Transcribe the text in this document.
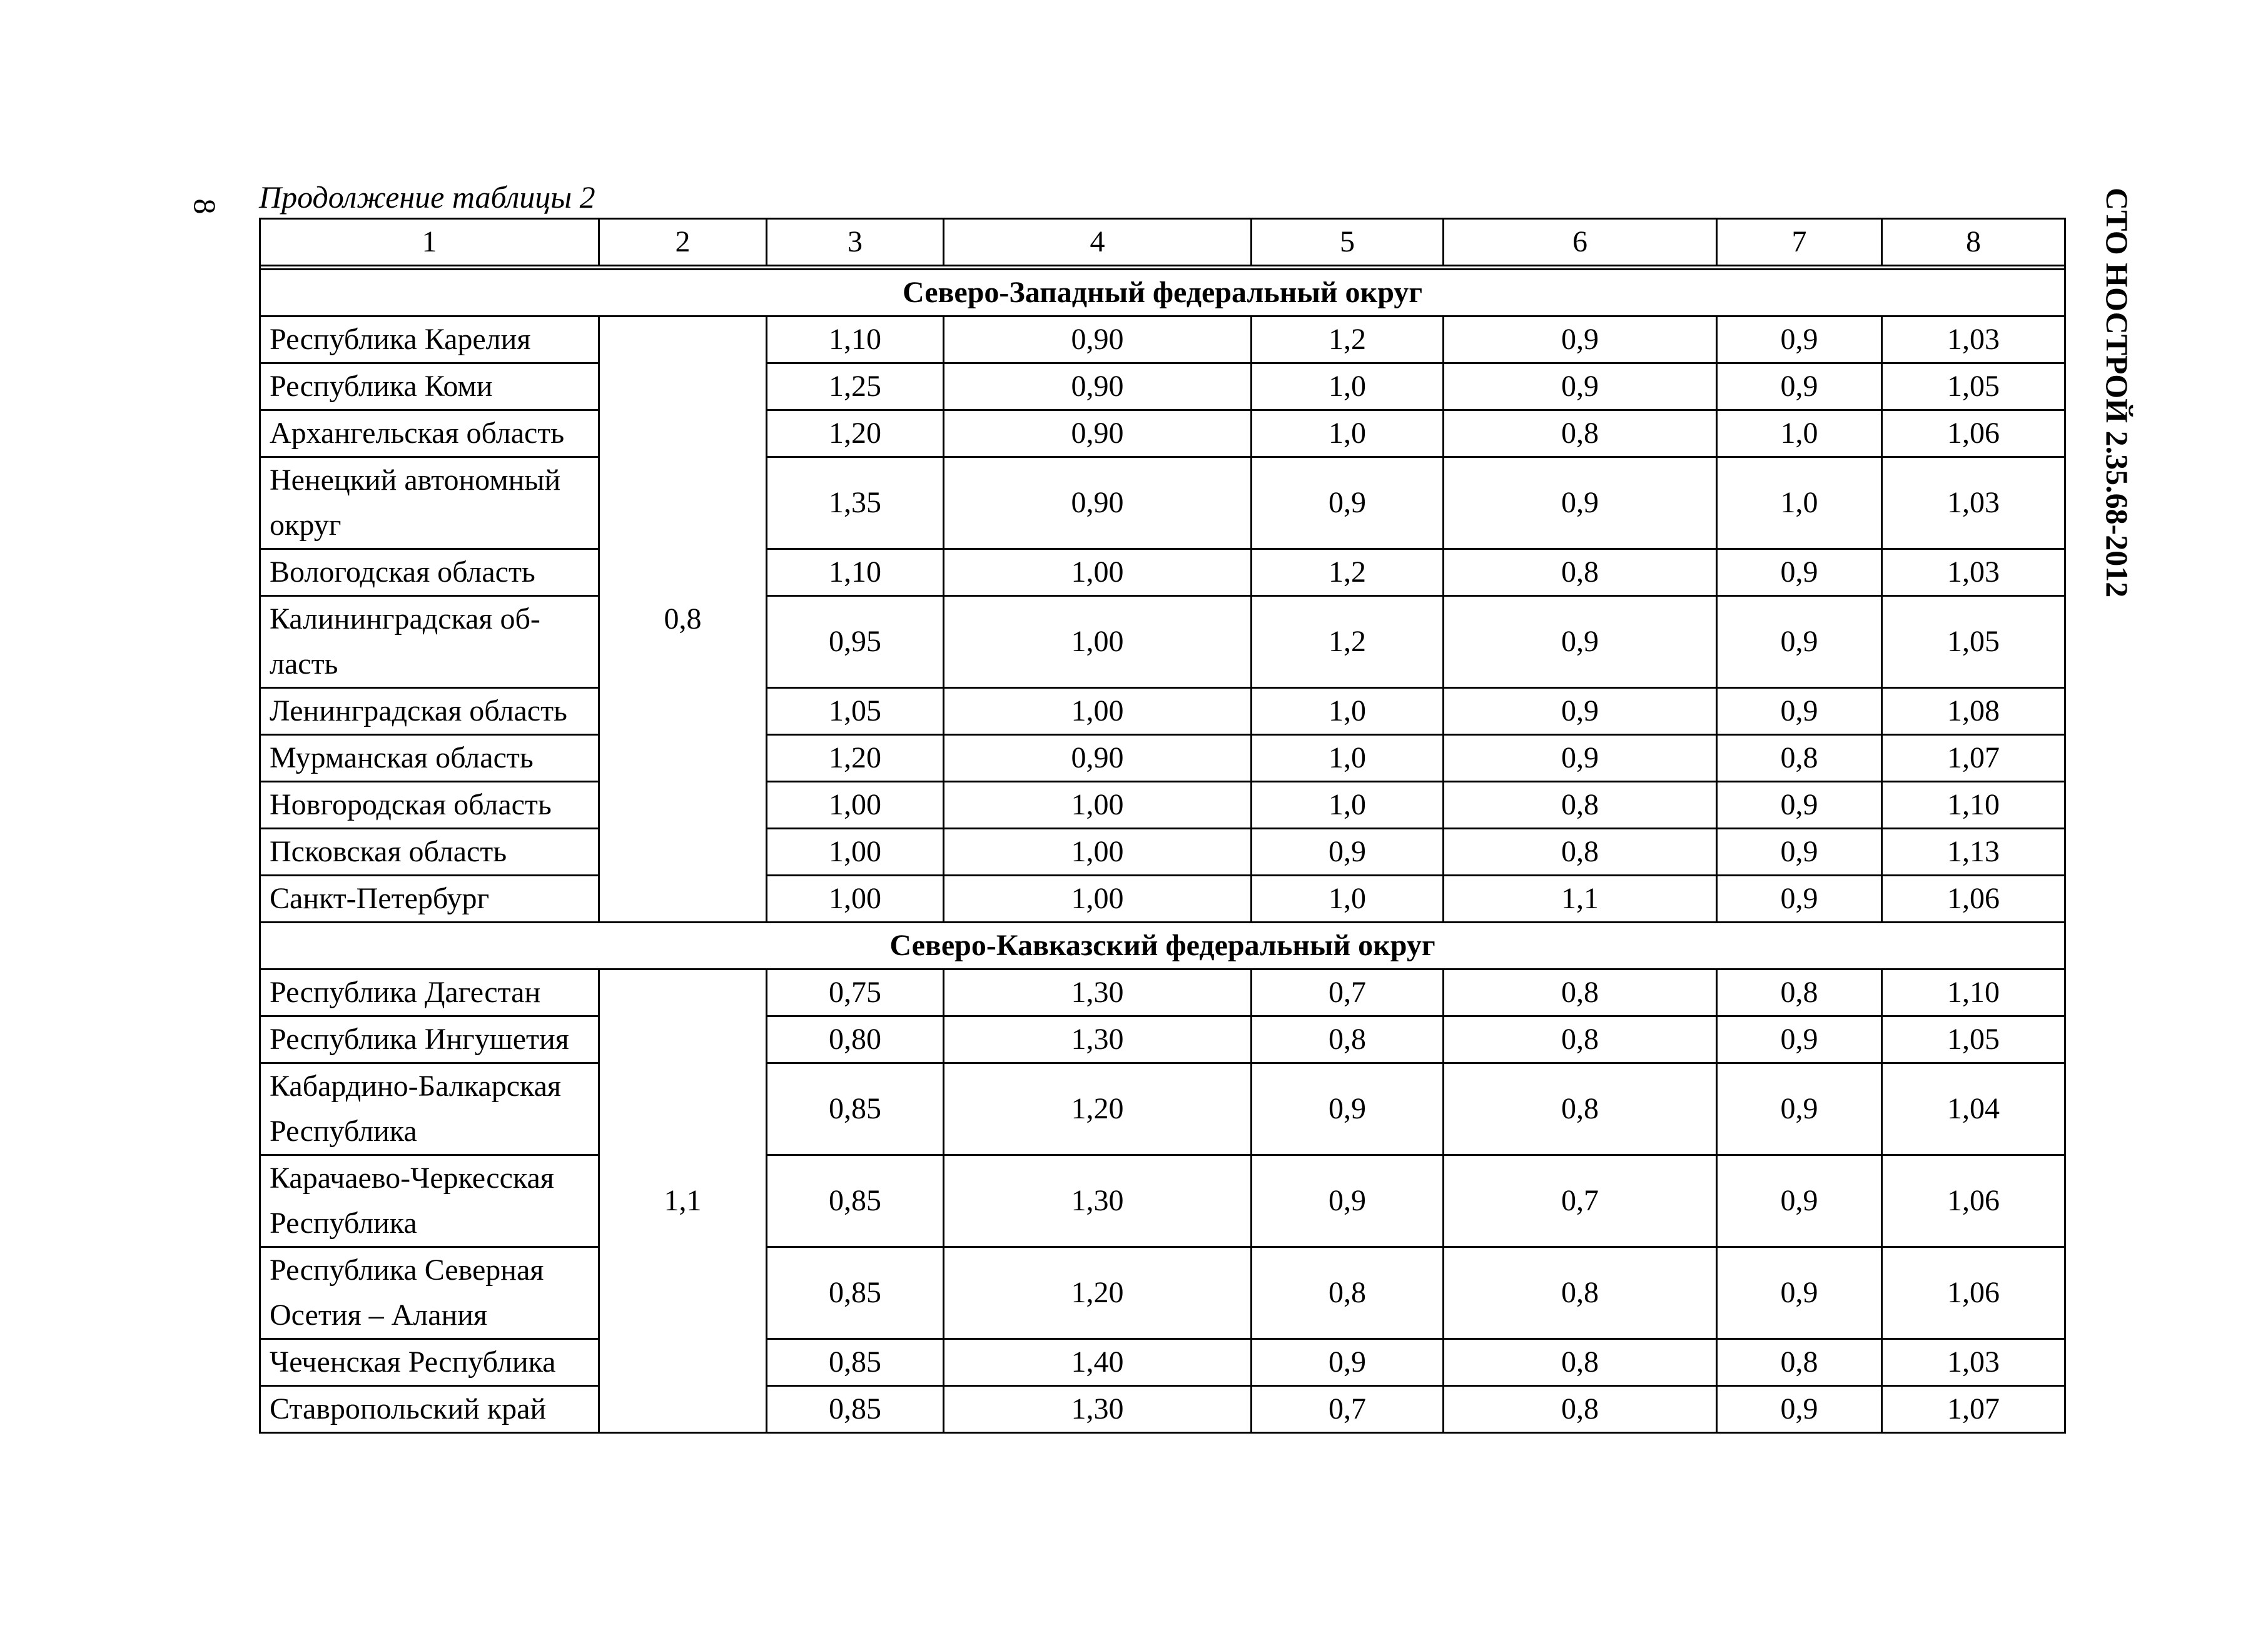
8	СТО НОСТРОЙ 2.35.68-2012
Продолжение таблицы 2
1	2	3	4	5	6	7	8

Северо-Западный федеральный округ							
Республика Карелия	0,8	1,10	0,90	1,2	0,9	0,9	1,03
Республика Коми		1,25	0,90	1,0	0,9	0,9	1,05
Архангельская область		1,20	0,90	1,0	0,8	1,0	1,06
Ненецкий автономный
округ		1,35	0,90	0,9	0,9	1,0	1,03
Вологодская область		1,10	1,00	1,2	0,8	0,9	1,03
Калининградская об-
ласть		0,95	1,00	1,2	0,9	0,9	1,05
Ленинградская область		1,05	1,00	1,0	0,9	0,9	1,08
Мурманская область		1,20	0,90	1,0	0,9	0,8	1,07
Новгородская область		1,00	1,00	1,0	0,8	0,9	1,10
Псковская область		1,00	1,00	0,9	0,8	0,9	1,13
Санкт-Петербург		1,00	1,00	1,0	1,1	0,9	1,06
Северо-Кавказский федеральный округ							
Республика Дагестан	1,1	0,75	1,30	0,7	0,8	0,8	1,10
Республика Ингушетия		0,80	1,30	0,8	0,8	0,9	1,05
Кабардино-Балкарская
Республика		0,85	1,20	0,9	0,8	0,9	1,04
Карачаево-Черкесская
Республика		0,85	1,30	0,9	0,7	0,9	1,06
Республика Северная
Осетия – Алания		0,85	1,20	0,8	0,8	0,9	1,06
Чеченская Республика		0,85	1,40	0,9	0,8	0,8	1,03
Ставропольский край		0,85	1,30	0,7	0,8	0,9	1,07
